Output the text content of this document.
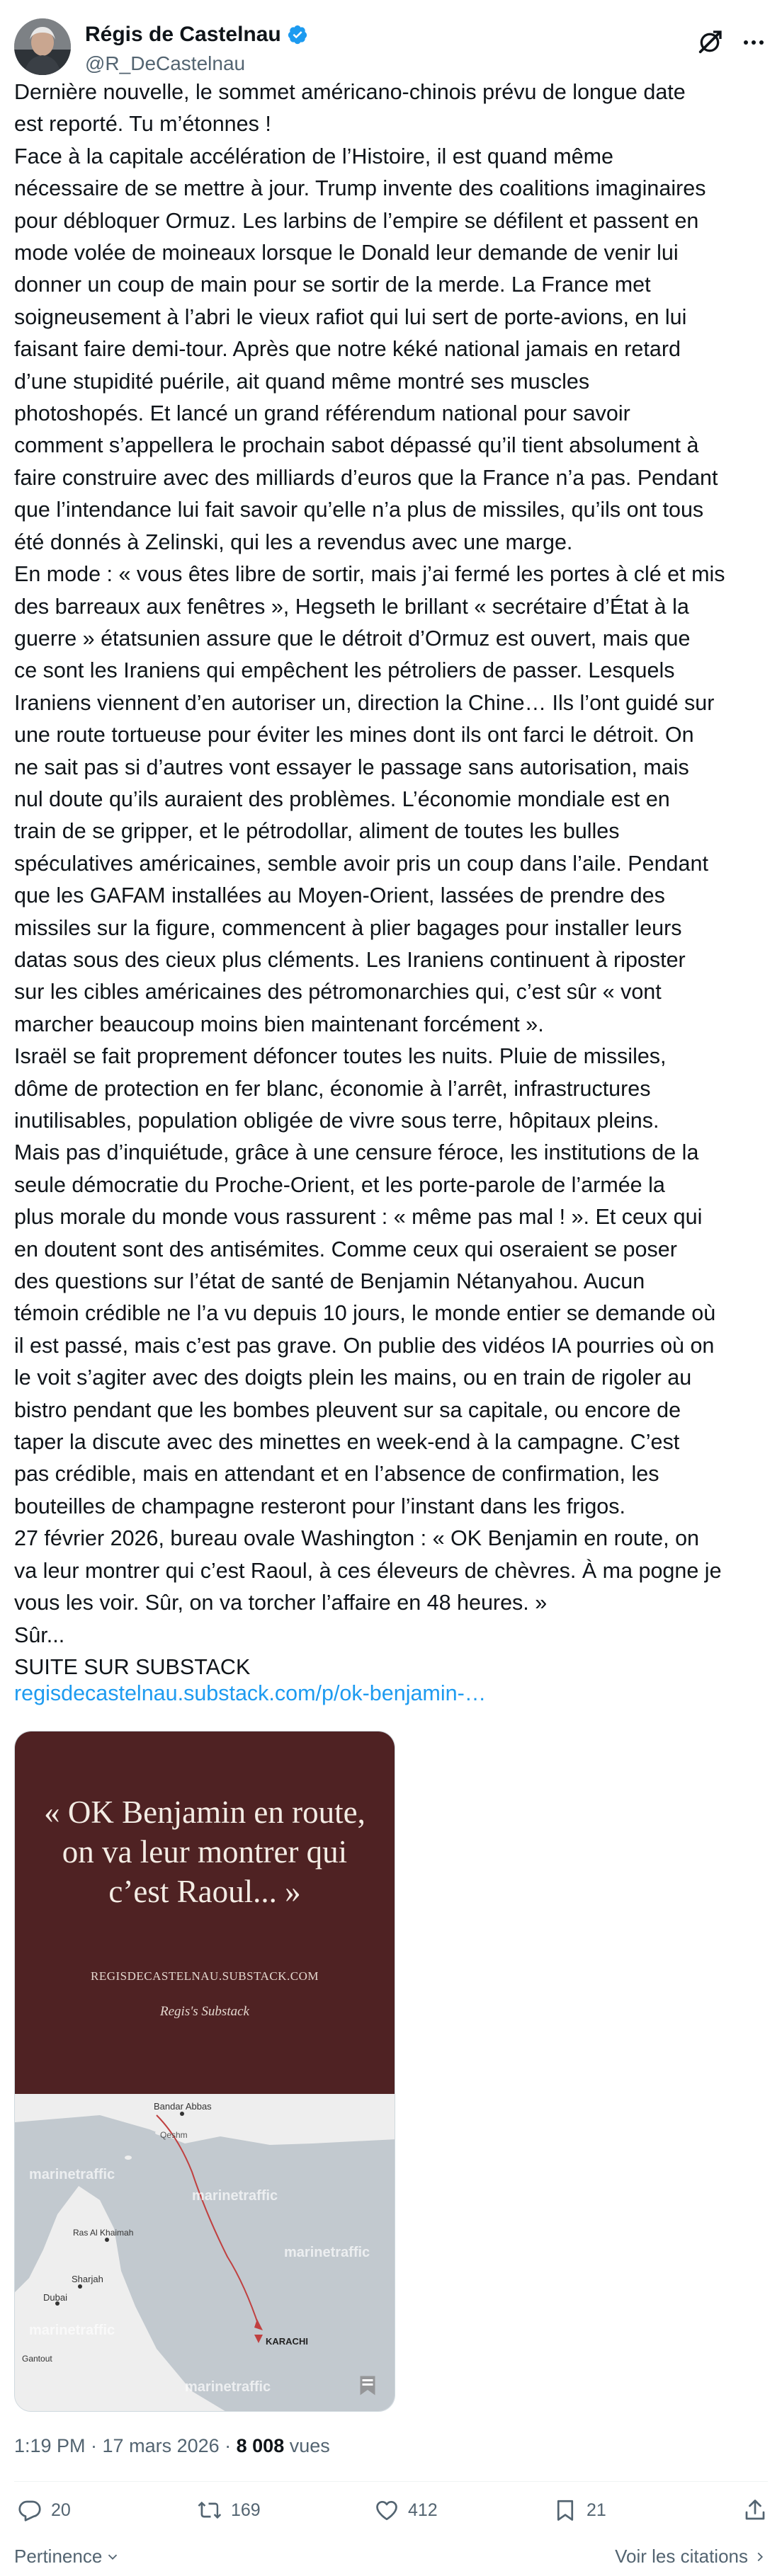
Régis de Castelnau
@R_DeCastelnau
Dernière nouvelle, le sommet américano-chinois prévu de longue date
est reporté. Tu m’étonnes !
Face à la capitale accélération de l’Histoire, il est quand même
nécessaire de se mettre à jour. Trump invente des coalitions imaginaires
pour débloquer Ormuz. Les larbins de l’empire se défilent et passent en
mode volée de moineaux lorsque le Donald leur demande de venir lui
donner un coup de main pour se sortir de la merde. La France met
soigneusement à l’abri le vieux rafiot qui lui sert de porte-avions, en lui
faisant faire demi-tour. Après que notre kéké national jamais en retard
d’une stupidité puérile, ait quand même montré ses muscles
photoshopés. Et lancé un grand référendum national pour savoir
comment s’appellera le prochain sabot dépassé qu’il tient absolument à
faire construire avec des milliards d’euros que la France n’a pas. Pendant
que l’intendance lui fait savoir qu’elle n’a plus de missiles, qu’ils ont tous
été donnés à Zelinski, qui les a revendus avec une marge.
En mode : « vous êtes libre de sortir, mais j’ai fermé les portes à clé et mis
des barreaux aux fenêtres », Hegseth le brillant « secrétaire d’État à la
guerre » étatsunien assure que le détroit d’Ormuz est ouvert, mais que
ce sont les Iraniens qui empêchent les pétroliers de passer. Lesquels
Iraniens viennent d’en autoriser un, direction la Chine… Ils l’ont guidé sur
une route tortueuse pour éviter les mines dont ils ont farci le détroit. On
ne sait pas si d’autres vont essayer le passage sans autorisation, mais
nul doute qu’ils auraient des problèmes. L’économie mondiale est en
train de se gripper, et le pétrodollar, aliment de toutes les bulles
spéculatives américaines, semble avoir pris un coup dans l’aile. Pendant
que les GAFAM installées au Moyen-Orient, lassées de prendre des
missiles sur la figure, commencent à plier bagages pour installer leurs
datas sous des cieux plus cléments. Les Iraniens continuent à riposter
sur les cibles américaines des pétromonarchies qui, c’est sûr « vont
marcher beaucoup moins bien maintenant forcément ».
Israël se fait proprement défoncer toutes les nuits. Pluie de missiles,
dôme de protection en fer blanc, économie à l’arrêt, infrastructures
inutilisables, population obligée de vivre sous terre, hôpitaux pleins.
Mais pas d’inquiétude, grâce à une censure féroce, les institutions de la
seule démocratie du Proche-Orient, et les porte-parole de l’armée la
plus morale du monde vous rassurent : « même pas mal ! ». Et ceux qui
en doutent sont des antisémites. Comme ceux qui oseraient se poser
des questions sur l’état de santé de Benjamin Nétanyahou. Aucun
témoin crédible ne l’a vu depuis 10 jours, le monde entier se demande où
il est passé, mais c’est pas grave. On publie des vidéos IA pourries où on
le voit s’agiter avec des doigts plein les mains, ou en train de rigoler au
bistro pendant que les bombes pleuvent sur sa capitale, ou encore de
taper la discute avec des minettes en week-end à la campagne. C’est
pas crédible, mais en attendant et en l’absence de confirmation, les
bouteilles de champagne resteront pour l’instant dans les frigos.
27 février 2026, bureau ovale Washington : « OK Benjamin en route, on
va leur montrer qui c’est Raoul, à ces éleveurs de chèvres. À ma pogne je
vous les voir. Sûr, on va torcher l’affaire en 48 heures. »
Sûr...
SUITE SUR SUBSTACK
regisdecastelnau.substack.com/p/ok-benjamin-…
« OK Benjamin en route, on va leur montrer qui c’est Raoul... »
REGISDECASTELNAU.SUBSTACK.COM
Regis's Substack
marinetraffic
marinetraffic
marinetraffic
marinetraffic
marinetraffic
Bandar Abbas
Qeshm
Ras Al Khaimah
Sharjah
Dubai
Gantout
KARACHI
1:19 PM · 17 mars 2026 · 8 008 vues
20	169	412	21
Pertinence	Voir les citations
